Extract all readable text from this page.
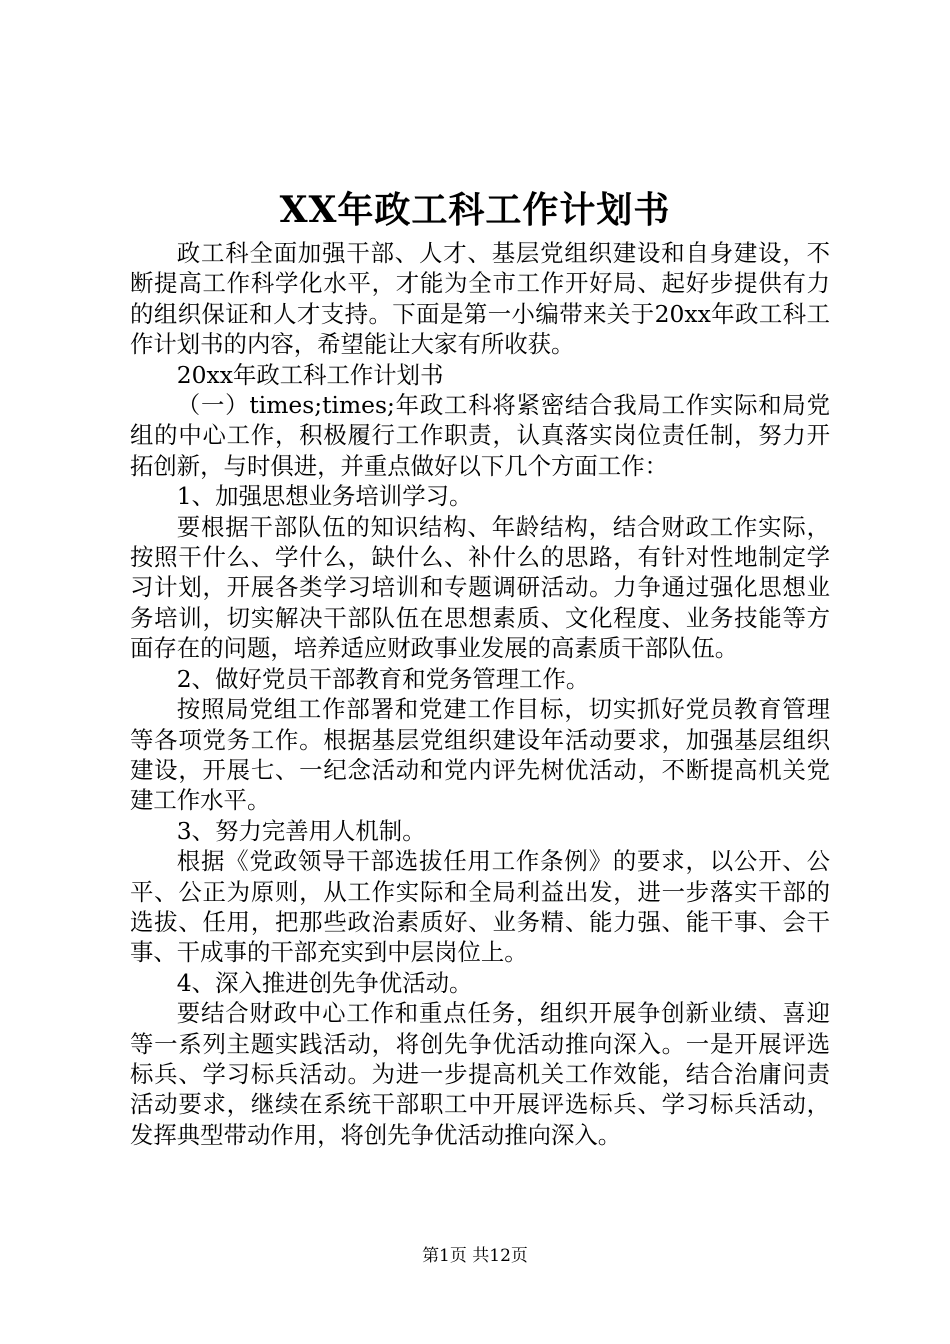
XX年政工科工作计划书

政工科全面加强干部、人才、基层党组织建设和自身建设，不断提高工作科学化水平，才能为全市工作开好局、起好步提供有力的组织保证和人才支持。下面是第一小编带来关于20xx年政工科工作计划书的内容，希望能让大家有所收获。

20xx年政工科工作计划书

（一）times;times;年政工科将紧密结合我局工作实际和局党组的中心工作，积极履行工作职责，认真落实岗位责任制，努力开拓创新，与时俱进，并重点做好以下几个方面工作：

1、加强思想业务培训学习。

要根据干部队伍的知识结构、年龄结构，结合财政工作实际，按照干什么、学什么，缺什么、补什么的思路，有针对性地制定学习计划，开展各类学习培训和专题调研活动。力争通过强化思想业务培训，切实解决干部队伍在思想素质、文化程度、业务技能等方面存在的问题，培养适应财政事业发展的高素质干部队伍。

2、做好党员干部教育和党务管理工作。

按照局党组工作部署和党建工作目标，切实抓好党员教育管理等各项党务工作。根据基层党组织建设年活动要求，加强基层组织建设，开展七、一纪念活动和党内评先树优活动，不断提高机关党建工作水平。

3、努力完善用人机制。

根据《党政领导干部选拔任用工作条例》的要求，以公开、公平、公正为原则，从工作实际和全局利益出发，进一步落实干部的选拔、任用，把那些政治素质好、业务精、能力强、能干事、会干事、干成事的干部充实到中层岗位上。

4、深入推进创先争优活动。

要结合财政中心工作和重点任务，组织开展争创新业绩、喜迎等一系列主题实践活动，将创先争优活动推向深入。一是开展评选标兵、学习标兵活动。为进一步提高机关工作效能，结合治庸问责活动要求，继续在系统干部职工中开展评选标兵、学习标兵活动，发挥典型带动作用，将创先争优活动推向深入。

第1页 共12页
